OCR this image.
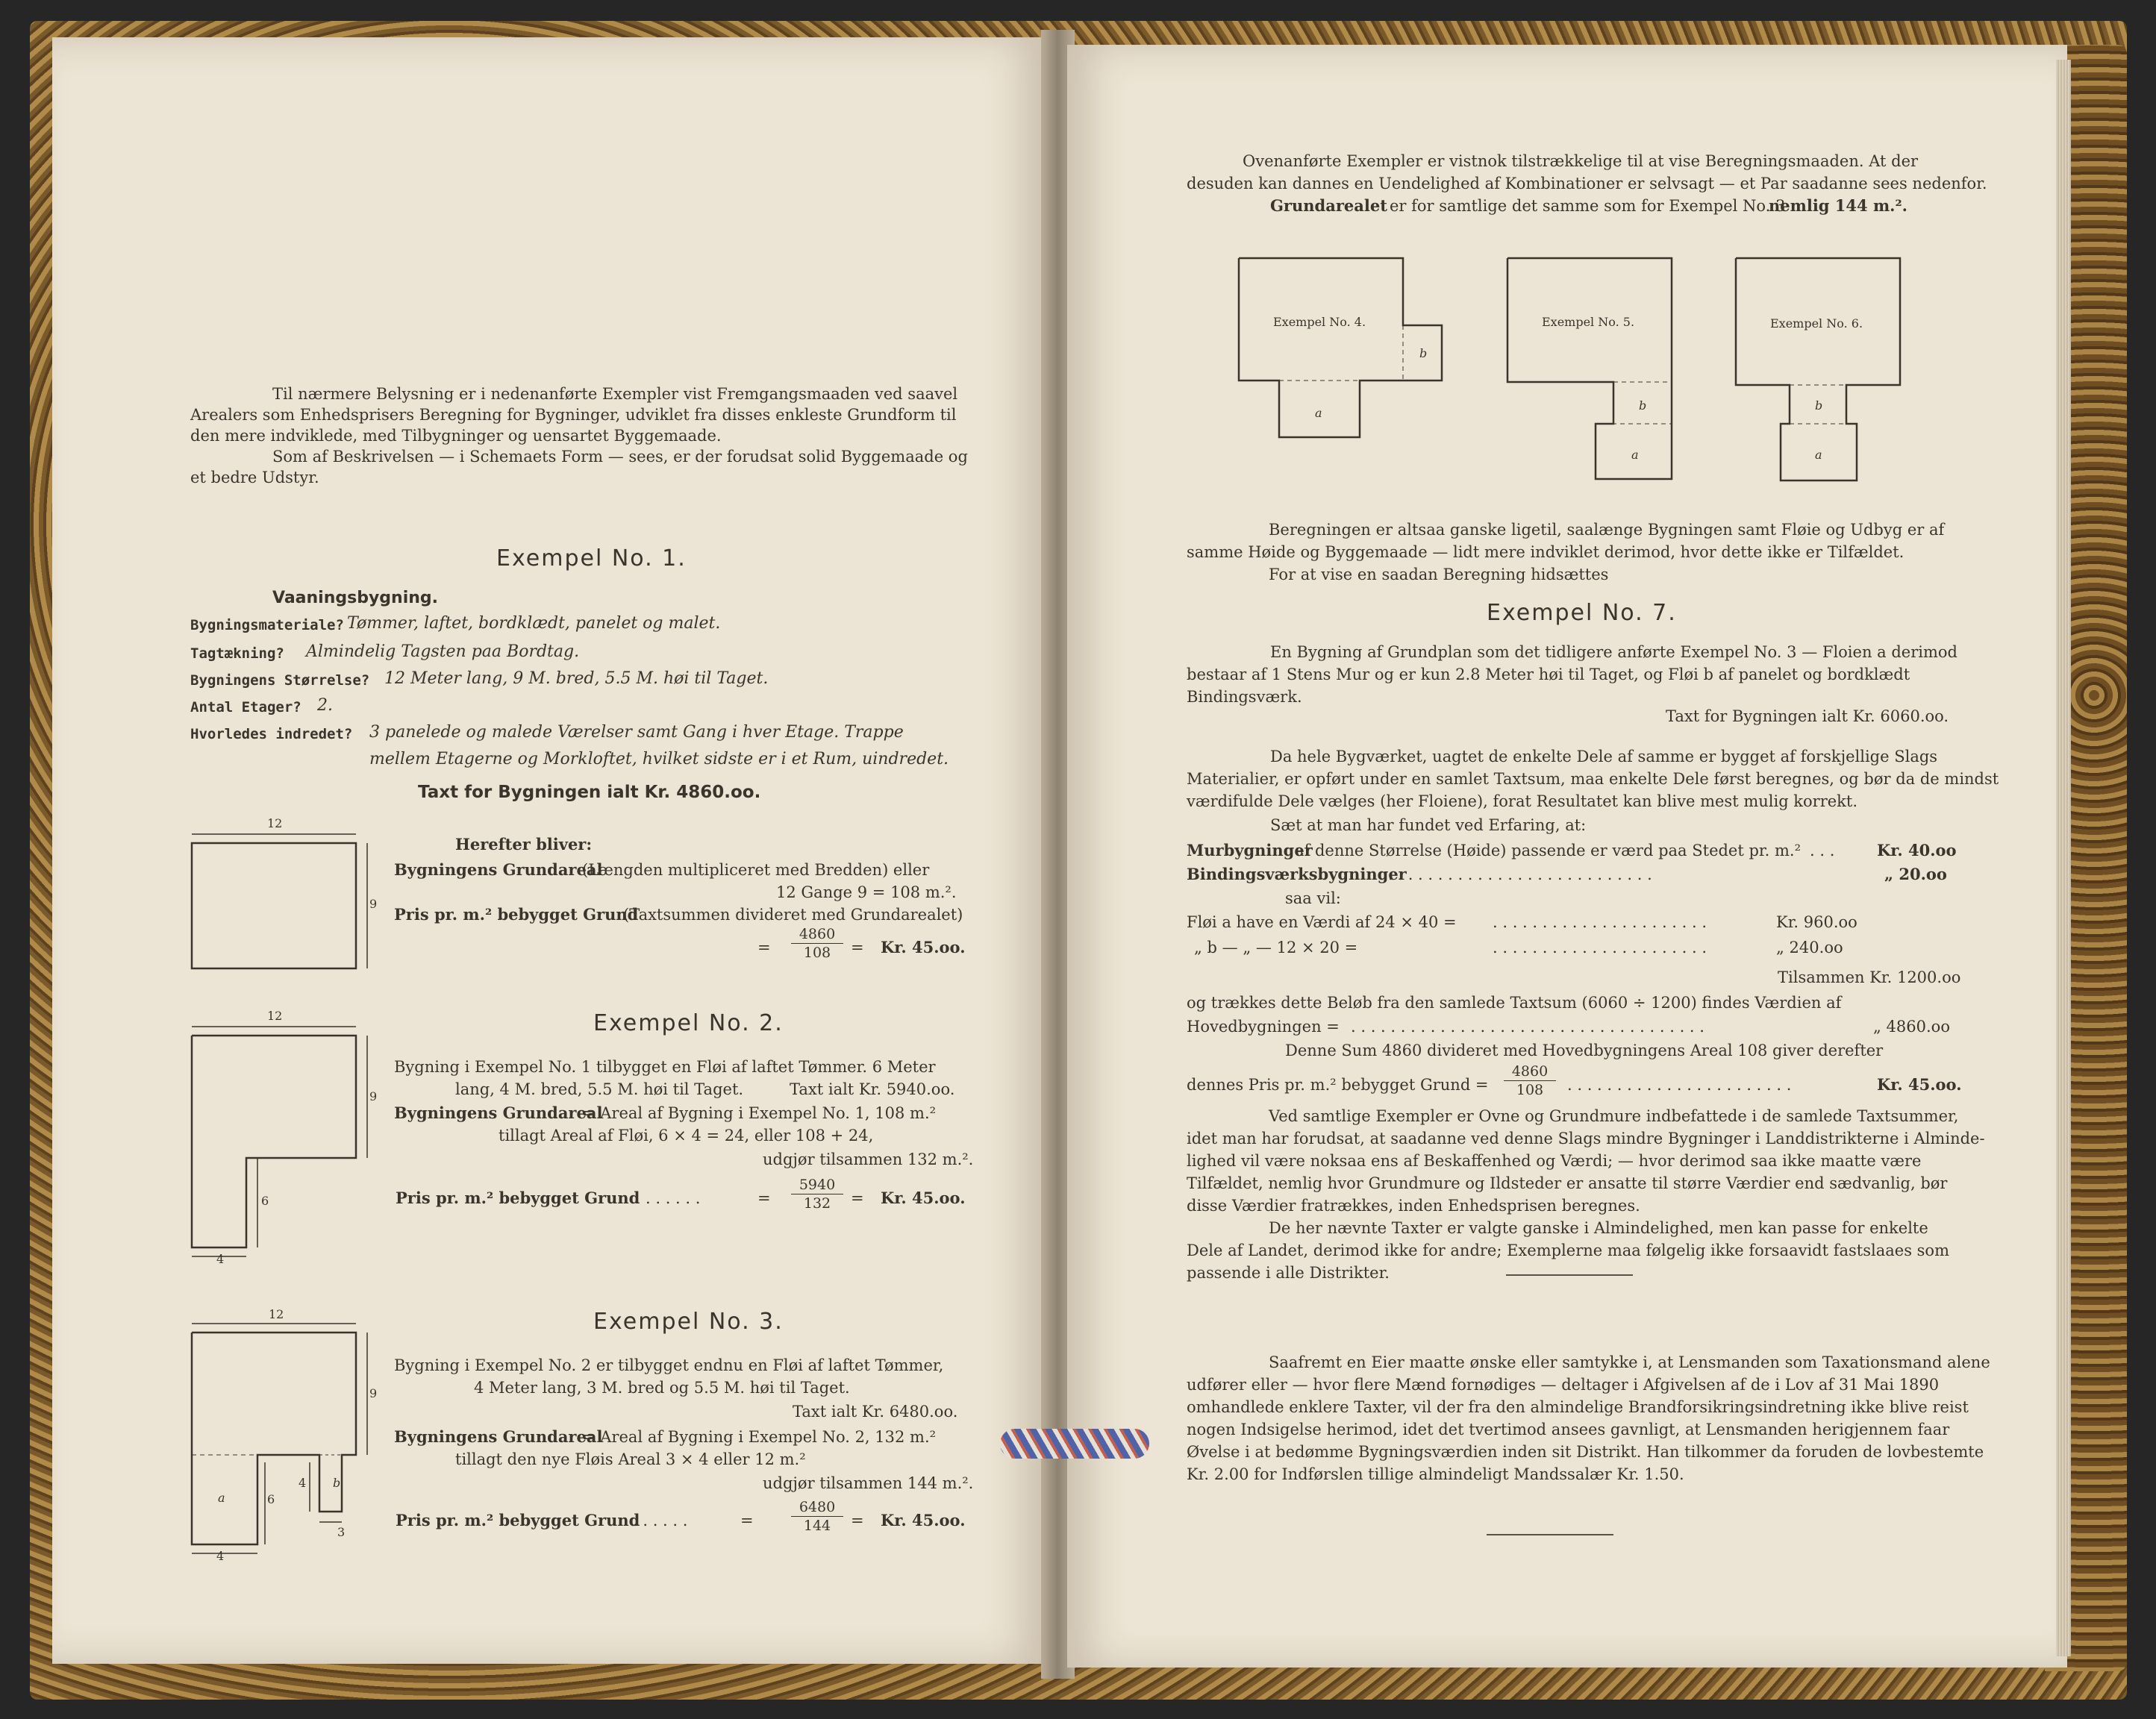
Til nærmere Belysning er i nedenanførte Exempler vist Fremgangsmaaden ved saavel
Arealers som Enhedsprisers Beregning for Bygninger, udviklet fra disses enkleste Grundform til
den mere indviklede, med Tilbygninger og uensartet Byggemaade.
Som af Beskrivelsen — i Schemaets Form — sees, er der forudsat solid Byggemaade og
et bedre Udstyr.
Exempel No. 1.
Vaaningsbygning.
Bygningsmateriale? Tømmer, laftet, bordklædt, panelet og malet.
Tagtækning? Almindelig Tagsten paa Bordtag.
Bygningens Størrelse? 12 Meter lang, 9 M. bred, 5.5 M. høi til Taget.
Antal Etager? 2.
Hvorledes indredet? 3 panelede og malede Værelser samt Gang i hver Etage. Trappe
mellem Etagerne og Morkloftet, hvilket sidste er i et Rum, uindredet.
Taxt for Bygningen ialt Kr. 4860.oo.
12
9
Herefter bliver:
Bygningens Grundareal
(Længden multipliceret med Bredden) eller
12 Gange 9 = 108 m.².
Pris pr. m.² bebygget Grund
(Taxtsummen divideret med Grundarealet)
= $\frac{4860}{108} = Kr$. 45.oo.
Exempel No. 2.
12
9
6
4
Bygning i Exempel No. 1 tilbygget en Fløi af laftet Tømmer. 6 Meter
lang, 4 M. bred, 5.5 M. høi til Taget.	Taxt ialt Kr. 5940.oo.
Bygningens Grundareal
= Areal af Bygning i Exempel No. 1, 108 m.²
tillagt Areal af Fløi, 6 × 4 = 24, eller 108 + 24,
udgjør tilsammen 132 m.².
Pris pr. m.² bebygget Grund . . . . . .	= $\frac{5940}{132} = Kr$. 45.oo.
Exempel No. 3.
12
9
a	6
4 b
3
4
Bygning i Exempel No. 2 er tilbygget endnu en Fløi af laftet Tømmer,
4 Meter lang, 3 M. bred og 5.5 M. høi til Taget.
Taxt ialt Kr. 6480.oo.
Bygningens Grundareal
= Areal af Bygning i Exempel No. 2, 132 m.²
tillagt den nye Fløis Areal 3 × 4 eller 12 m.²
udgjør tilsammen 144 m.².
Pris pr. m.² bebygget Grund
. . . . . .	=	$\frac{6480}{144} = Kr$. 45.oo.
Ovenanførte Exempler er vistnok tilstrækkelige til at vise Beregningsmaaden. At der
desuden kan dannes en Uendelighed af Kombinationer er selvsagt — et Par saadanne sees nedenfor.
Grundarealet er for samtlige det samme som for Exempel No. 3
nemlig 144 m.².
Exempel No. 4.
a
b
Exempel No. 5.
b
a
Exempel No. 6.
b
a
Beregningen er altsaa ganske ligetil, saalænge Bygningen samt Fløie og Udbyg er af
samme Høide og Byggemaade — lidt mere indviklet derimod, hvor dette ikke er Tilfældet.
For at vise en saadan Beregning hidsættes
Exempel No. 7.
En Bygning af Grundplan som det tidligere anførte Exempel No. 3 — Floien a derimod
bestaar af 1 Stens Mur og er kun 2.8 Meter høi til Taget, og Fløi b af panelet og bordklædt
Bindingsværk.
Taxt for Bygningen ialt Kr. 6060.oo.
Da hele Bygværket, uagtet de enkelte Dele af samme er bygget af forskjellige Slags
Materialier, er opført under en samlet Taxtsum, maa enkelte Dele først beregnes, og bør da de mindst
værdifulde Dele vælges (her Floiene), forat Resultatet kan blive mest mulig korrekt.
Sæt at man har fundet ved Erfaring, at:
Murbygninger
af denne Størrelse (Høide) passende er værd paa Stedet pr. m.² . . .	Kr. 40.oo
Bindingsværksbygninger
. . . . . . . . . . . . . . . . . . . . . . . . . . .	„ 20.oo
saa vil:
Fløi a have en Værdi af 24 × 40 = . . . . . . . . . . . . . . . . . . . . . .	Kr. 960.oo
„ b — „ — 12 × 20 =	. . . . . . . . . . . . . . . . . . . . . .	„ 240.oo
Tilsammen Kr. 1200.oo
og trækkes dette Beløb fra den samlede Taxtsum (6060 ÷ 1200) findes Værdien af
Hovedbygningen = . . . . . . . . . . . . . . . . . . . . . . . . . . . . . . . . . . . .	„ 4860.oo
Denne Sum 4860 divideret med Hovedbygningens Areal 108 giver derefter
dennes Pris pr. m.² bebygget Grund = $\frac{4860}{108}$ . . . . . . . . . . . . . . . . . . . . . . .	Kr. 45.oo.
Ved samtlige Exempler er Ovne og Grundmure indbefattede i de samlede Taxtsummer,
idet man har forudsat, at saadanne ved denne Slags mindre Bygninger i Landdistrikterne i Alminde-
lighed vil være noksaa ens af Beskaffenhed og Værdi; — hvor derimod saa ikke maatte være
Tilfældet, nemlig hvor Grundmure og Ildsteder er ansatte til større Værdier end sædvanlig, bør
disse Værdier fratrækkes, inden Enhedsprisen beregnes.
De her nævnte Taxter er valgte ganske i Almindelighed, men kan passe for enkelte
Dele af Landet, derimod ikke for andre; Exemplerne maa følgelig ikke forsaavidt fastslaaes som
passende i alle Distrikter.
Saafremt en Eier maatte ønske eller samtykke i, at Lensmanden som Taxationsmand alene
udfører eller — hvor flere Mænd fornødiges — deltager i Afgivelsen af de i Lov af 31 Mai 1890
omhandlede enklere Taxter, vil der fra den almindelige Brandforsikringsindretning ikke blive reist
nogen Indsigelse herimod, idet det tvertimod ansees gavnligt, at Lensmanden herigjennem faar
Øvelse i at bedømme Bygningsværdien inden sit Distrikt. Han tilkommer da foruden de lovbestemte
Kr. 2.00 for Indførslen tillige almindeligt Mandssalær Kr. 1.50.
